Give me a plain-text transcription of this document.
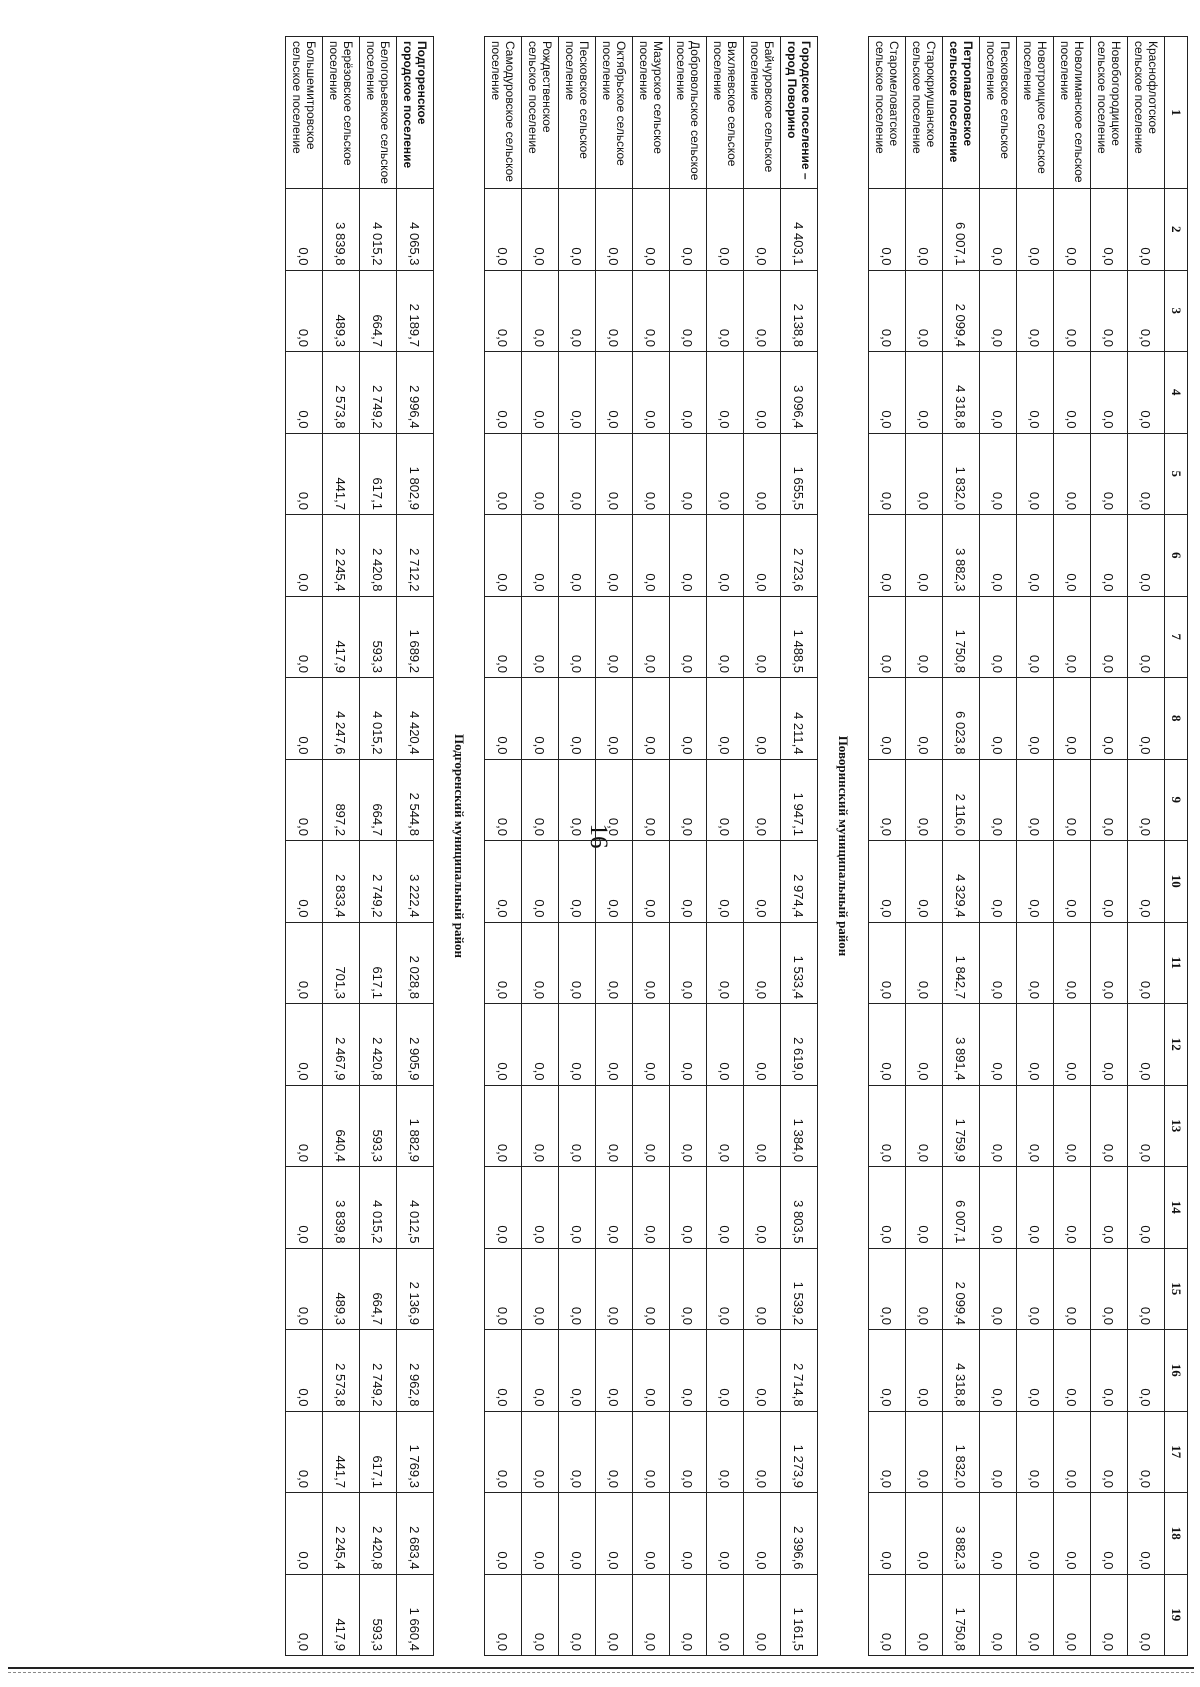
16
1	2	3	4	5	6	7	8	9	10	11	12	13	14	15	16	17	18	19
Краснофлотское сельское поселение	0,0	0,0	0,0	0,0	0,0	0,0	0,0	0,0	0,0	0,0	0,0	0,0	0,0	0,0	0,0	0,0	0,0	0,0
Новобогородицкое сельское поселение	0,0	0,0	0,0	0,0	0,0	0,0	0,0	0,0	0,0	0,0	0,0	0,0	0,0	0,0	0,0	0,0	0,0	0,0
Новолиманское сельское поселение	0,0	0,0	0,0	0,0	0,0	0,0	0,0	0,0	0,0	0,0	0,0	0,0	0,0	0,0	0,0	0,0	0,0	0,0
Новотроицкое сельское поселение	0,0	0,0	0,0	0,0	0,0	0,0	0,0	0,0	0,0	0,0	0,0	0,0	0,0	0,0	0,0	0,0	0,0	0,0
Песковское сельское поселение	0,0	0,0	0,0	0,0	0,0	0,0	0,0	0,0	0,0	0,0	0,0	0,0	0,0	0,0	0,0	0,0	0,0	0,0
Петропавловское сельское поселение	6 007,1	2 099,4	4 318,8	1 832,0	3 882,3	1 750,8	6 023,8	2 116,0	4 329,4	1 842,7	3 891,4	1 759,9	6 007,1	2 099,4	4 318,8	1 832,0	3 882,3	1 750,8
Старокриушанское сельское поселение	0,0	0,0	0,0	0,0	0,0	0,0	0,0	0,0	0,0	0,0	0,0	0,0	0,0	0,0	0,0	0,0	0,0	0,0
Старомеловатское сельское поселение	0,0	0,0	0,0	0,0	0,0	0,0	0,0	0,0	0,0	0,0	0,0	0,0	0,0	0,0	0,0	0,0	0,0	0,0
Поворинский муниципальный район																		
Городское поселение – город Поворино	4 403,1	2 138,8	3 096,4	1 655,5	2 723,6	1 488,5	4 211,4	1 947,1	2 974,4	1 533,4	2 619,0	1 384,0	3 803,5	1 539,2	2 714,8	1 273,9	2 396,6	1 161,5
Байчуровское сельское поселение	0,0	0,0	0,0	0,0	0,0	0,0	0,0	0,0	0,0	0,0	0,0	0,0	0,0	0,0	0,0	0,0	0,0	0,0
Вихляевское сельское поселение	0,0	0,0	0,0	0,0	0,0	0,0	0,0	0,0	0,0	0,0	0,0	0,0	0,0	0,0	0,0	0,0	0,0	0,0
Добровольское сельское поселение	0,0	0,0	0,0	0,0	0,0	0,0	0,0	0,0	0,0	0,0	0,0	0,0	0,0	0,0	0,0	0,0	0,0	0,0
Мазурское сельское поселение	0,0	0,0	0,0	0,0	0,0	0,0	0,0	0,0	0,0	0,0	0,0	0,0	0,0	0,0	0,0	0,0	0,0	0,0
Октябрьское сельское поселение	0,0	0,0	0,0	0,0	0,0	0,0	0,0	0,0	0,0	0,0	0,0	0,0	0,0	0,0	0,0	0,0	0,0	0,0
Песковское сельское поселение	0,0	0,0	0,0	0,0	0,0	0,0	0,0	0,0	0,0	0,0	0,0	0,0	0,0	0,0	0,0	0,0	0,0	0,0
Рождественское сельское поселение	0,0	0,0	0,0	0,0	0,0	0,0	0,0	0,0	0,0	0,0	0,0	0,0	0,0	0,0	0,0	0,0	0,0	0,0
Самодуровское сельское поселение	0,0	0,0	0,0	0,0	0,0	0,0	0,0	0,0	0,0	0,0	0,0	0,0	0,0	0,0	0,0	0,0	0,0	0,0
Подгоренский муниципальный район																		
Подгоренское городское поселение	4 065,3	2 189,7	2 996,4	1 802,9	2 712,2	1 689,2	4 420,4	2 544,8	3 222,4	2 028,8	2 905,9	1 882,9	4 012,5	2 136,9	2 962,8	1 769,3	2 683,4	1 660,4
Белогорьевское сельское поселение	4 015,2	664,7	2 749,2	617,1	2 420,8	593,3	4 015,2	664,7	2 749,2	617,1	2 420,8	593,3	4 015,2	664,7	2 749,2	617,1	2 420,8	593,3
Берёзовское сельское поселение	3 839,8	489,3	2 573,8	441,7	2 245,4	417,9	4 247,6	897,2	2 833,4	701,3	2 467,9	640,4	3 839,8	489,3	2 573,8	441,7	2 245,4	417,9
Большемитровское сельское поселение	0,0	0,0	0,0	0,0	0,0	0,0	0,0	0,0	0,0	0,0	0,0	0,0	0,0	0,0	0,0	0,0	0,0	0,0
